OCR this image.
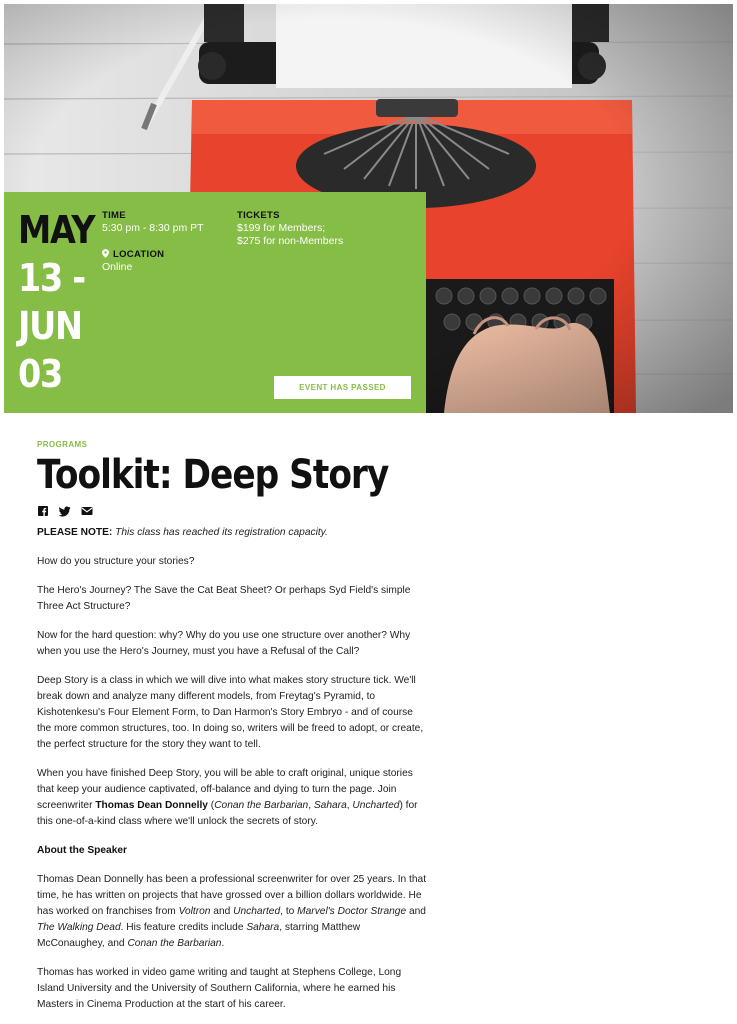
MAY
13 -
JUN
03
TIME
5:30 pm - 8:30 pm PT
LOCATION
Online
TICKETS
$199 for Members;
$275 for non-Members
EVENT HAS PASSED
PROGRAMS
Toolkit: Deep Story

PLEASE NOTE: This class has reached its registration capacity.

How do you structure your stories?

The Hero's Journey? The Save the Cat Beat Sheet? Or perhaps Syd Field's simple Three Act Structure?

Now for the hard question: why? Why do you use one structure over another? Why when you use the Hero's Journey, must you have a Refusal of the Call?

Deep Story is a class in which we will dive into what makes story structure tick. We'll break down and analyze many different models, from Freytag's Pyramid, to Kishotenkesu's Four Element Form, to Dan Harmon's Story Embryo - and of course the more common structures, too. In doing so, writers will be freed to adopt, or create, the perfect structure for the story they want to tell.

When you have finished Deep Story, you will be able to craft original, unique stories that keep your audience captivated, off-balance and dying to turn the page. Join screenwriter Thomas Dean Donnelly (Conan the Barbarian, Sahara, Uncharted) for this one-of-a-kind class where we'll unlock the secrets of story.

About the Speaker

Thomas Dean Donnelly has been a professional screenwriter for over 25 years. In that time, he has written on projects that have grossed over a billion dollars worldwide. He has worked on franchises from Voltron and Uncharted, to Marvel's Doctor Strange and The Walking Dead. His feature credits include Sahara, starring Matthew McConaughey, and Conan the Barbarian.

Thomas has worked in video game writing and taught at Stephens College, Long Island University and the University of Southern California, where he earned his Masters in Cinema Production at the start of his career.
